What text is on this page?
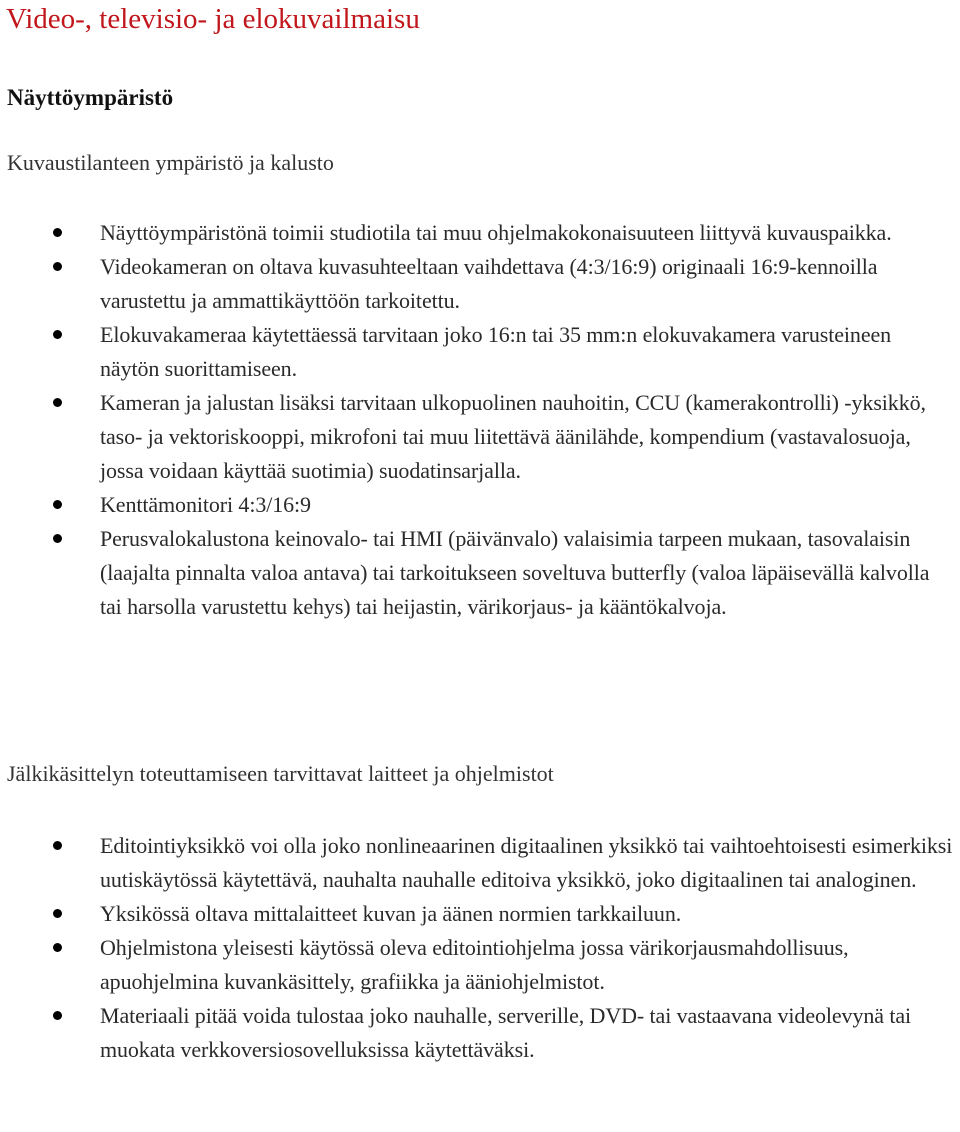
Video-, televisio- ja elokuvailmaisu
Näyttöympäristö
Kuvaustilanteen ympäristö ja kalusto
Näyttöympäristönä toimii studiotila tai muu ohjelmakokonaisuuteen liittyvä kuvauspaikka.
Videokameran on oltava kuvasuhteeltaan vaihdettava (4:3/16:9) originaali 16:9-kennoilla varustettu ja ammattikäyttöön tarkoitettu.
Elokuvakameraa käytettäessä tarvitaan joko 16:n tai 35 mm:n elokuvakamera varusteineen näytön suorittamiseen.
Kameran ja jalustan lisäksi tarvitaan ulkopuolinen nauhoitin, CCU (kamerakontrolli) -yksikkö, taso- ja vektoriskooppi, mikrofoni tai muu liitettävä äänilähde, kompendium (vastavalosuoja, jossa voidaan käyttää suotimia) suodatinsarjalla.
Kenttämonitori 4:3/16:9
Perusvalokalustona keinovalo- tai HMI (päivänvalo) valaisimia tarpeen mukaan, tasovalaisin (laajalta pinnalta valoa antava) tai tarkoitukseen soveltuva butterfly (valoa läpäisevällä kalvolla tai harsolla varustettu kehys) tai heijastin, värikorjaus- ja kääntökalvoja.
Jälkikäsittelyn toteuttamiseen tarvittavat laitteet ja ohjelmistot
Editointiyksikkö voi olla joko nonlineaarinen digitaalinen yksikkö tai vaihtoehtoisesti esimerkiksi uutiskäytössä käytettävä, nauhalta nauhalle editoiva yksikkö, joko digitaalinen tai analoginen.
Yksikössä oltava mittalaitteet kuvan ja äänen normien tarkkailuun.
Ohjelmistona yleisesti käytössä oleva editointiohjelma jossa värikorjausmahdollisuus, apuohjelmina kuvankäsittely, grafiikka ja ääniohjelmistot.
Materiaali pitää voida tulostaa joko nauhalle, serverille, DVD- tai vastaavana videolevynä tai muokata verkkoversiosovelluksissa käytettäväksi.
